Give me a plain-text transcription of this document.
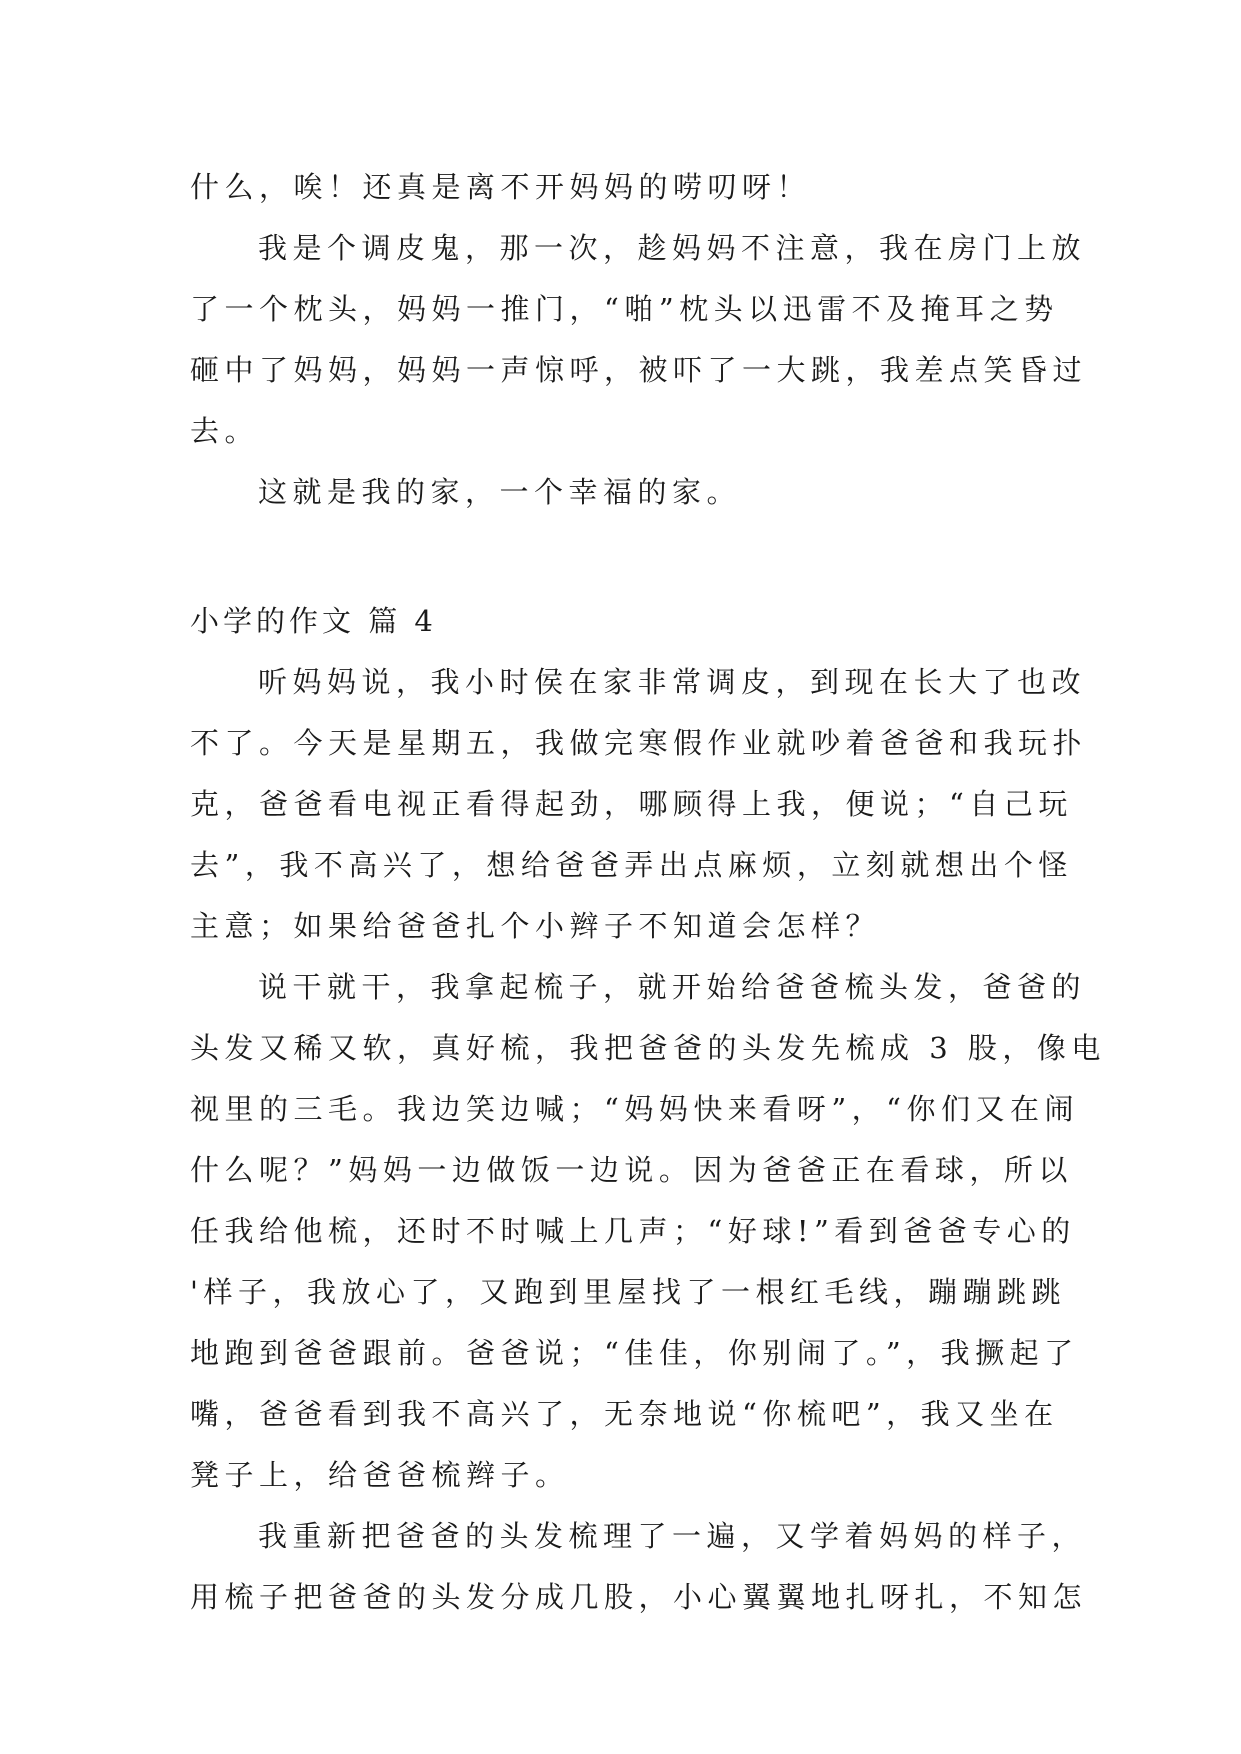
什么，唉！还真是离不开妈妈的唠叨呀！
我是个调皮鬼，那一次，趁妈妈不注意，我在房门上放
了一个枕头，妈妈一推门，“啪”枕头以迅雷不及掩耳之势
砸中了妈妈，妈妈一声惊呼，被吓了一大跳，我差点笑昏过
去。
这就是我的家，一个幸福的家。
小学的作文 篇 4
听妈妈说，我小时侯在家非常调皮，到现在长大了也改
不了。今天是星期五，我做完寒假作业就吵着爸爸和我玩扑
克，爸爸看电视正看得起劲，哪顾得上我，便说；“自己玩
去”，我不高兴了，想给爸爸弄出点麻烦，立刻就想出个怪
主意；如果给爸爸扎个小辫子不知道会怎样？
说干就干，我拿起梳子，就开始给爸爸梳头发，爸爸的
头发又稀又软，真好梳，我把爸爸的头发先梳成 3 股，像电
视里的三毛。我边笑边喊；“妈妈快来看呀”，“你们又在闹
什么呢？”妈妈一边做饭一边说。因为爸爸正在看球，所以
任我给他梳，还时不时喊上几声；“好球!”看到爸爸专心的
'样子，我放心了，又跑到里屋找了一根红毛线，蹦蹦跳跳
地跑到爸爸跟前。爸爸说；“佳佳，你别闹了。”，我撅起了
嘴，爸爸看到我不高兴了，无奈地说“你梳吧”，我又坐在
凳子上，给爸爸梳辫子。
我重新把爸爸的头发梳理了一遍，又学着妈妈的样子，
用梳子把爸爸的头发分成几股，小心翼翼地扎呀扎，不知怎
